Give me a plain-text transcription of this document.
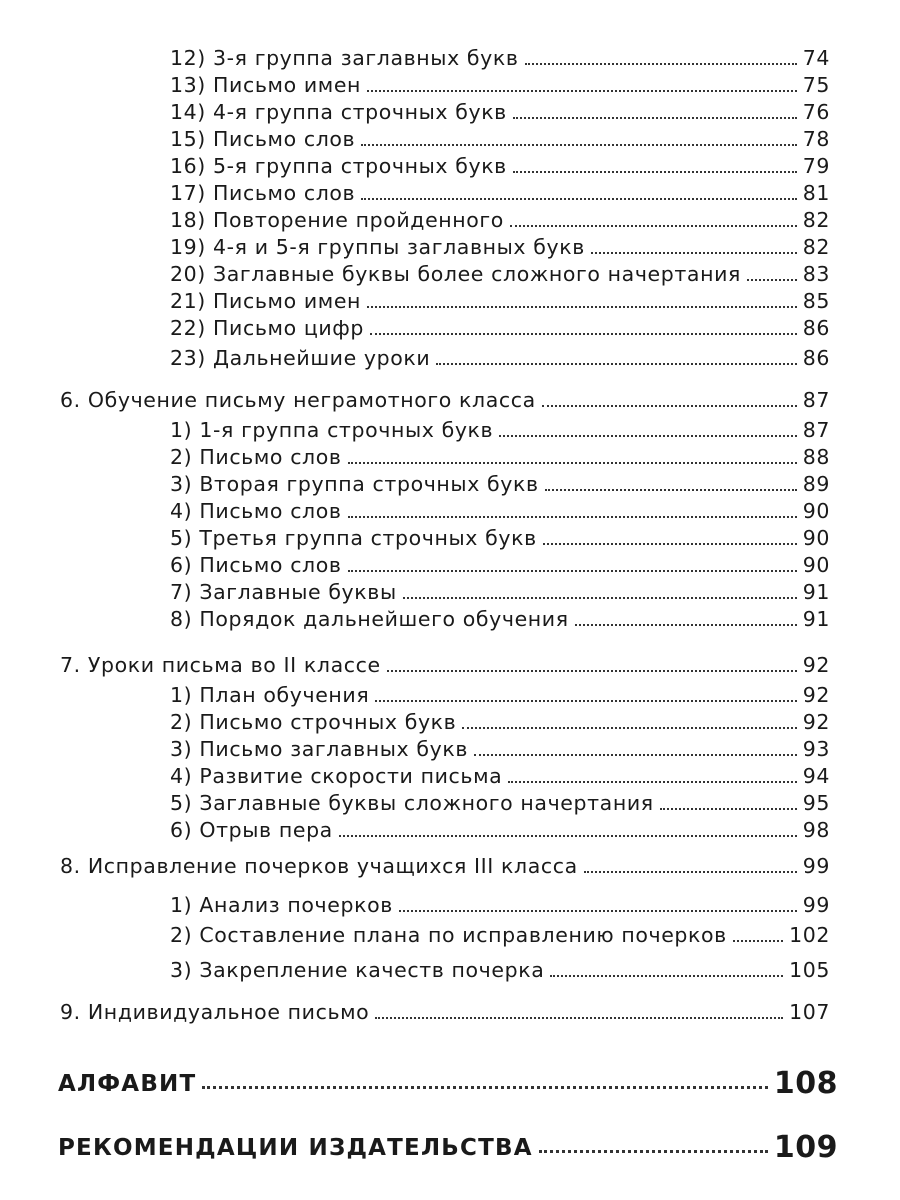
12) 3-я группа заглавных букв	74
13) Письмо имен	75
14) 4-я группа строчных букв	76
15) Письмо слов	78
16) 5-я группа строчных букв	79
17) Письмо слов	81
18) Повторение пройденного	82
19) 4-я и 5-я группы заглавных букв	82
20) Заглавные буквы более сложного начертания	83
21) Письмо имен	85
22) Письмо цифр	86
23) Дальнейшие уроки	86
6. Обучение письму неграмотного класса	87
1) 1-я группа строчных букв	87
2) Письмо слов	88
3) Вторая группа строчных букв	89
4) Письмо слов	90
5) Третья группа строчных букв	90
6) Письмо слов	90
7) Заглавные буквы	91
8) Порядок дальнейшего обучения	91
7. Уроки письма во II классе	92
1) План обучения	92
2) Письмо строчных букв	92
3) Письмо заглавных букв	93
4) Развитие скорости письма	94
5) Заглавные буквы сложного начертания	95
6) Отрыв пера	98
8. Исправление почерков учащихся III класса	99
1) Анализ почерков	99
2) Составление плана по исправлению почерков	102
3) Закрепление качеств почерка	105
9. Индивидуальное письмо	107
АЛФАВИТ	108
РЕКОМЕНДАЦИИ ИЗДАТЕЛЬСТВА	109
